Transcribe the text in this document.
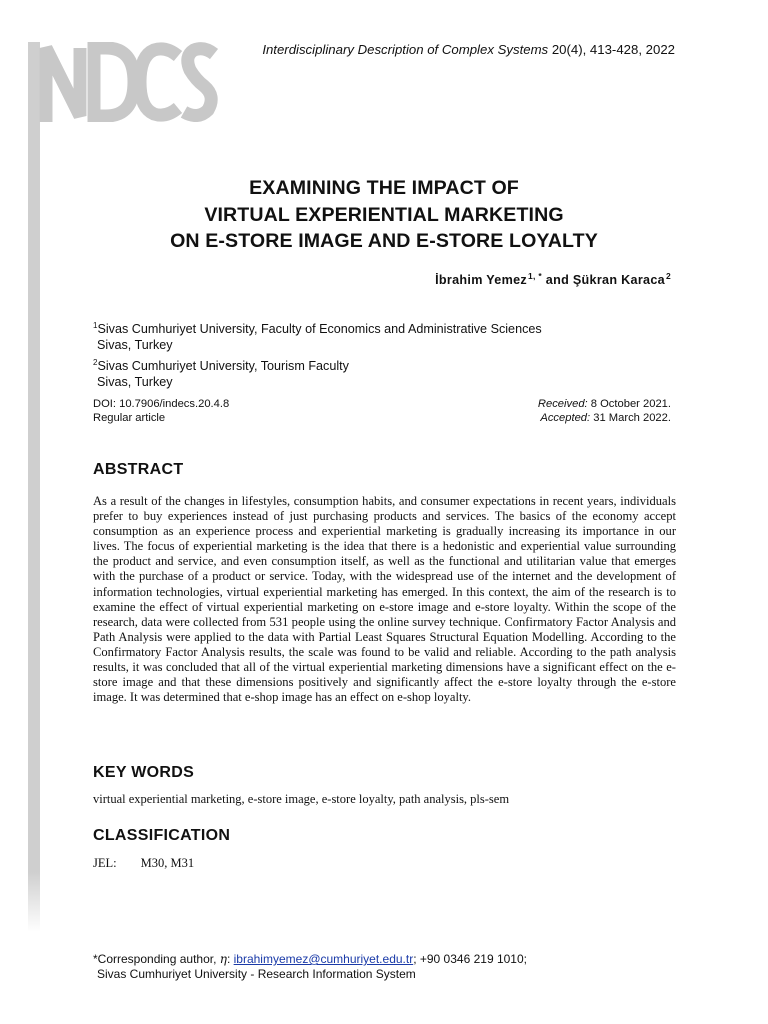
Interdisciplinary Description of Complex Systems 20(4), 413-428, 2022
EXAMINING THE IMPACT OF
VIRTUAL EXPERIENTIAL MARKETING
ON E-STORE IMAGE AND E-STORE LOYALTY
İbrahim Yemez$^{1, *}$ and Şükran Karaca$^2$
$^1$Sivas Cumhuriyet University, Faculty of Economics and Administrative Sciences
Sivas, Turkey
$^2$Sivas Cumhuriyet University, Tourism Faculty
Sivas, Turkey
DOI: 10.7906/indecs.20.4.8
Regular article
Received: 8 October 2021.
Accepted: 31 March 2022.
ABSTRACT
As a result of the changes in lifestyles, consumption habits, and consumer expectations in recent years, individuals prefer to buy experiences instead of just purchasing products and services. The basics of the economy accept consumption as an experience process and experiential marketing is gradually increasing its importance in our lives. The focus of experiential marketing is the idea that there is a hedonistic and experiential value surrounding the product and service, and even consumption itself, as well as the functional and utilitarian value that emerges with the purchase of a product or service. Today, with the widespread use of the internet and the development of information technologies, virtual experiential marketing has emerged. In this context, the aim of the research is to examine the effect of virtual experiential marketing on e-store image and e-store loyalty. Within the scope of the research, data were collected from 531 people using the online survey technique. Confirmatory Factor Analysis and Path Analysis were applied to the data with Partial Least Squares Structural Equation Modelling. According to the Confirmatory Factor Analysis results, the scale was found to be valid and reliable. According to the path analysis results, it was concluded that all of the virtual experiential marketing dimensions have a significant effect on the e-store image and that these dimensions positively and significantly affect the e-store loyalty through the e-store image. It was determined that e-shop image has an effect on e-shop loyalty.
KEY WORDS
virtual experiential marketing, e-store image, e-store loyalty, path analysis, pls-sem
CLASSIFICATION
JEL: M30, M31
*Corresponding author, η: ibrahimyemez@cumhuriyet.edu.tr; +90 0346 219 1010;
Sivas Cumhuriyet University - Research Information System
